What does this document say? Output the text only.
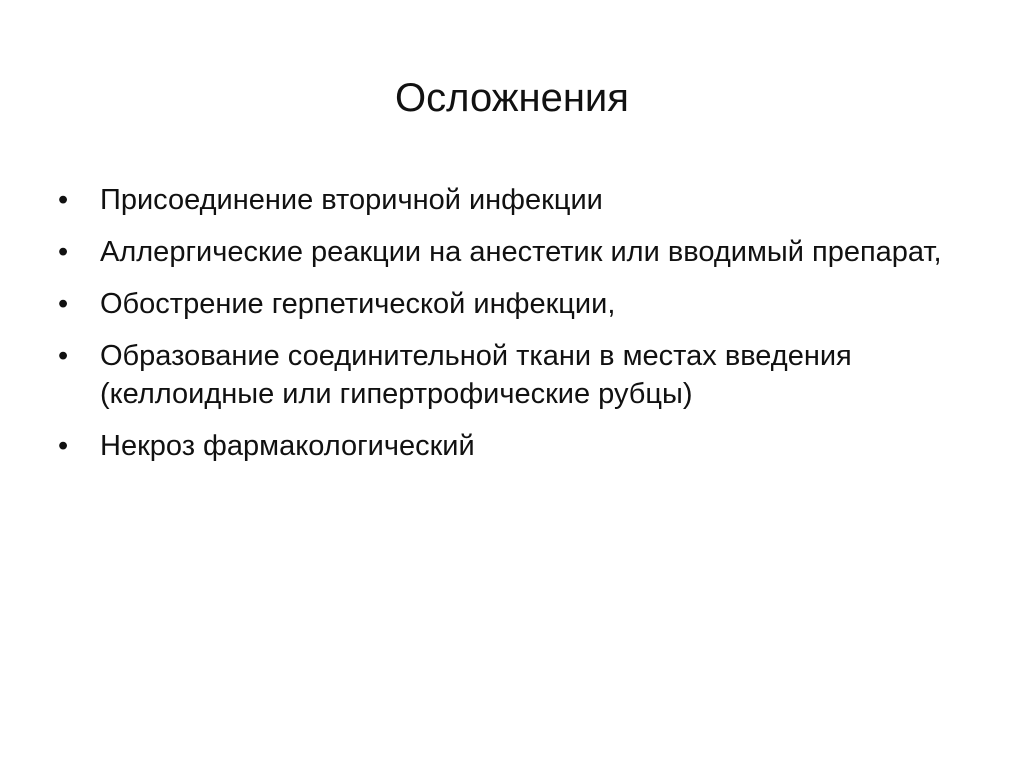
Осложнения
•	Присоединение вторичной инфекции
•	Аллергические реакции на анестетик или вводимый препарат,
•	Обострение герпетической инфекции,
•	Образование соединительной ткани в местах введения (келлоидные или гипертрофические рубцы)
•	Некроз фармакологический
